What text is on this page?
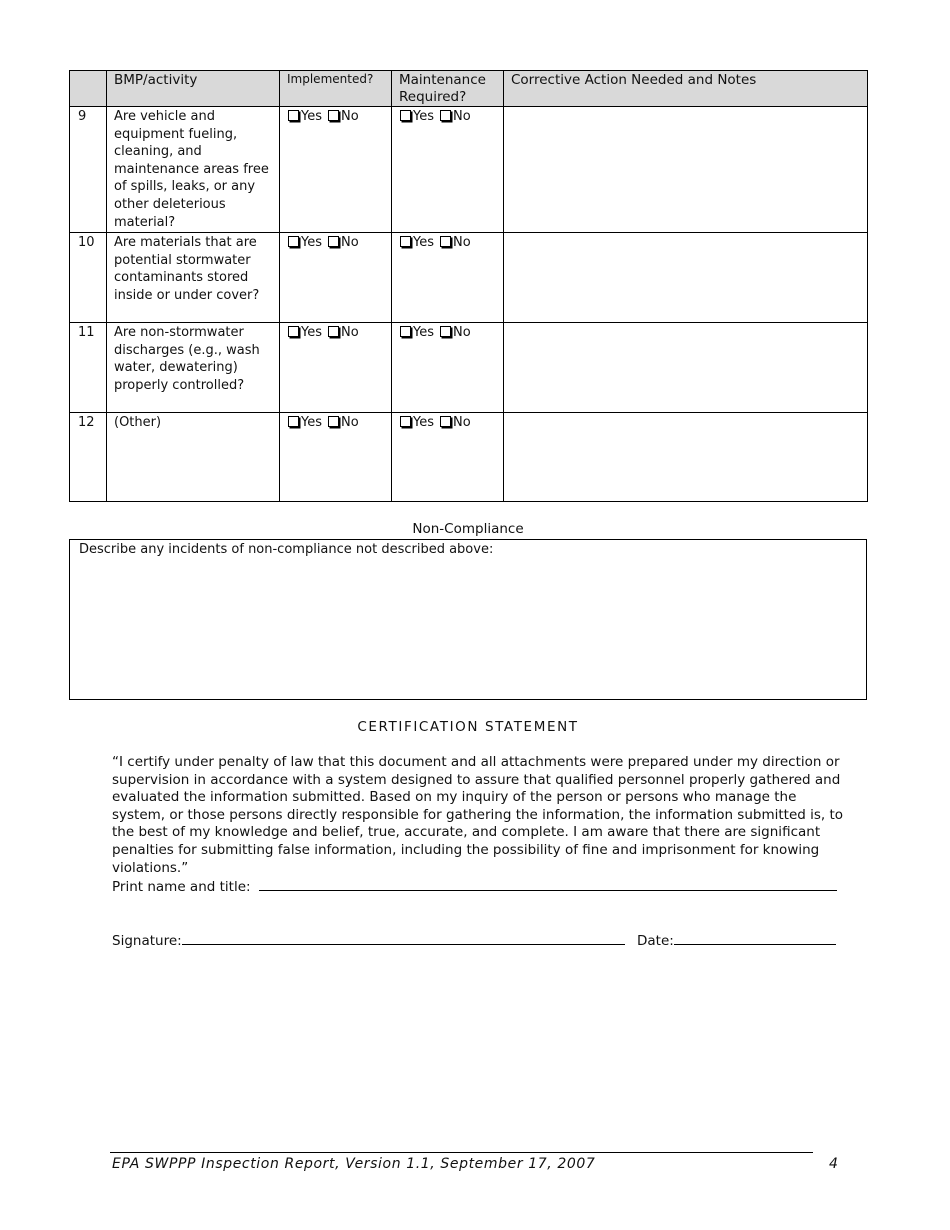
	BMP/activity	Implemented?	Maintenance Required?	Corrective Action Needed and Notes

9	Are vehicle and equipment fueling, cleaning, and maintenance areas free of spills, leaks, or any other deleterious material?	Yes No	Yes No	

10	Are materials that are potential stormwater contaminants stored inside or under cover?	Yes No	Yes No	

11	Are non-stormwater discharges (e.g., wash water, dewatering) properly controlled?	Yes No	Yes No	

12	(Other)	Yes No	Yes No	

Non-Compliance
Describe any incidents of non-compliance not described above:
CERTIFICATION STATEMENT
“I certify under penalty of law that this document and all attachments were prepared under my direction or supervision in accordance with a system designed to assure that qualified personnel properly gathered and evaluated the information submitted. Based on my inquiry of the person or persons who manage the system, or those persons directly responsible for gathering the information, the information submitted is, to the best of my knowledge and belief, true, accurate, and complete. I am aware that there are significant penalties for submitting false information, including the possibility of fine and imprisonment for knowing violations.”
Print name and title:
Signature:	Date:
EPA SWPPP Inspection Report, Version 1.1, September 17, 2007	4
